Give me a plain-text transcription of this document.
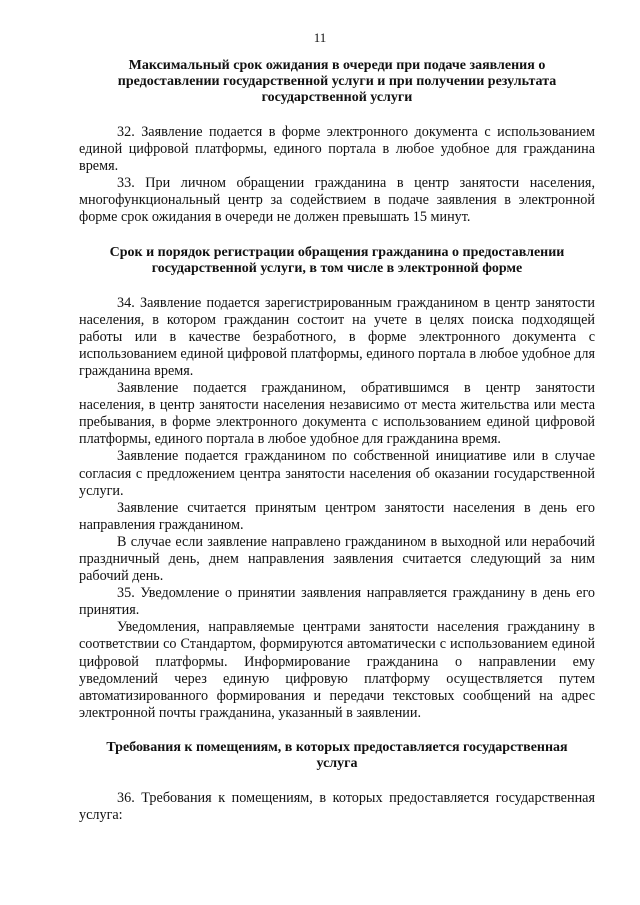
11
Максимальный срок ожидания в очереди при подаче заявления о предоставлении государственной услуги и при получении результата государственной услуги

32. Заявление подается в форме электронного документа с использованием единой цифровой платформы, единого портала в любое удобное для гражданина время.

33. При личном обращении гражданина в центр занятости населения, многофункциональный центр за содействием в подаче заявления в электронной форме срок ожидания в очереди не должен превышать 15 минут.

Срок и порядок регистрации обращения гражданина о предоставлении государственной услуги, в том числе в электронной форме

34. Заявление подается зарегистрированным гражданином в центр занятости населения, в котором гражданин состоит на учете в целях поиска подходящей работы или в качестве безработного, в форме электронного документа с использованием единой цифровой платформы, единого портала в любое удобное для гражданина время.

Заявление подается гражданином, обратившимся в центр занятости населения, в центр занятости населения независимо от места жительства или места пребывания, в форме электронного документа с использованием единой цифровой платформы, единого портала в любое удобное для гражданина время.

Заявление подается гражданином по собственной инициативе или в случае согласия с предложением центра занятости населения об оказании государственной услуги.

Заявление считается принятым центром занятости населения в день его направления гражданином.

В случае если заявление направлено гражданином в выходной или нерабочий праздничный день, днем направления заявления считается следующий за ним рабочий день.

35. Уведомление о принятии заявления направляется гражданину в день его принятия.

Уведомления, направляемые центрами занятости населения гражданину в соответствии со Стандартом, формируются автоматически с использованием единой цифровой платформы. Информирование гражданина о направлении ему уведомлений через единую цифровую платформу осуществляется путем автоматизированного формирования и передачи текстовых сообщений на адрес электронной почты гражданина, указанный в заявлении.

Требования к помещениям, в которых предоставляется государственная услуга

36. Требования к помещениям, в которых предоставляется государственная услуга:
